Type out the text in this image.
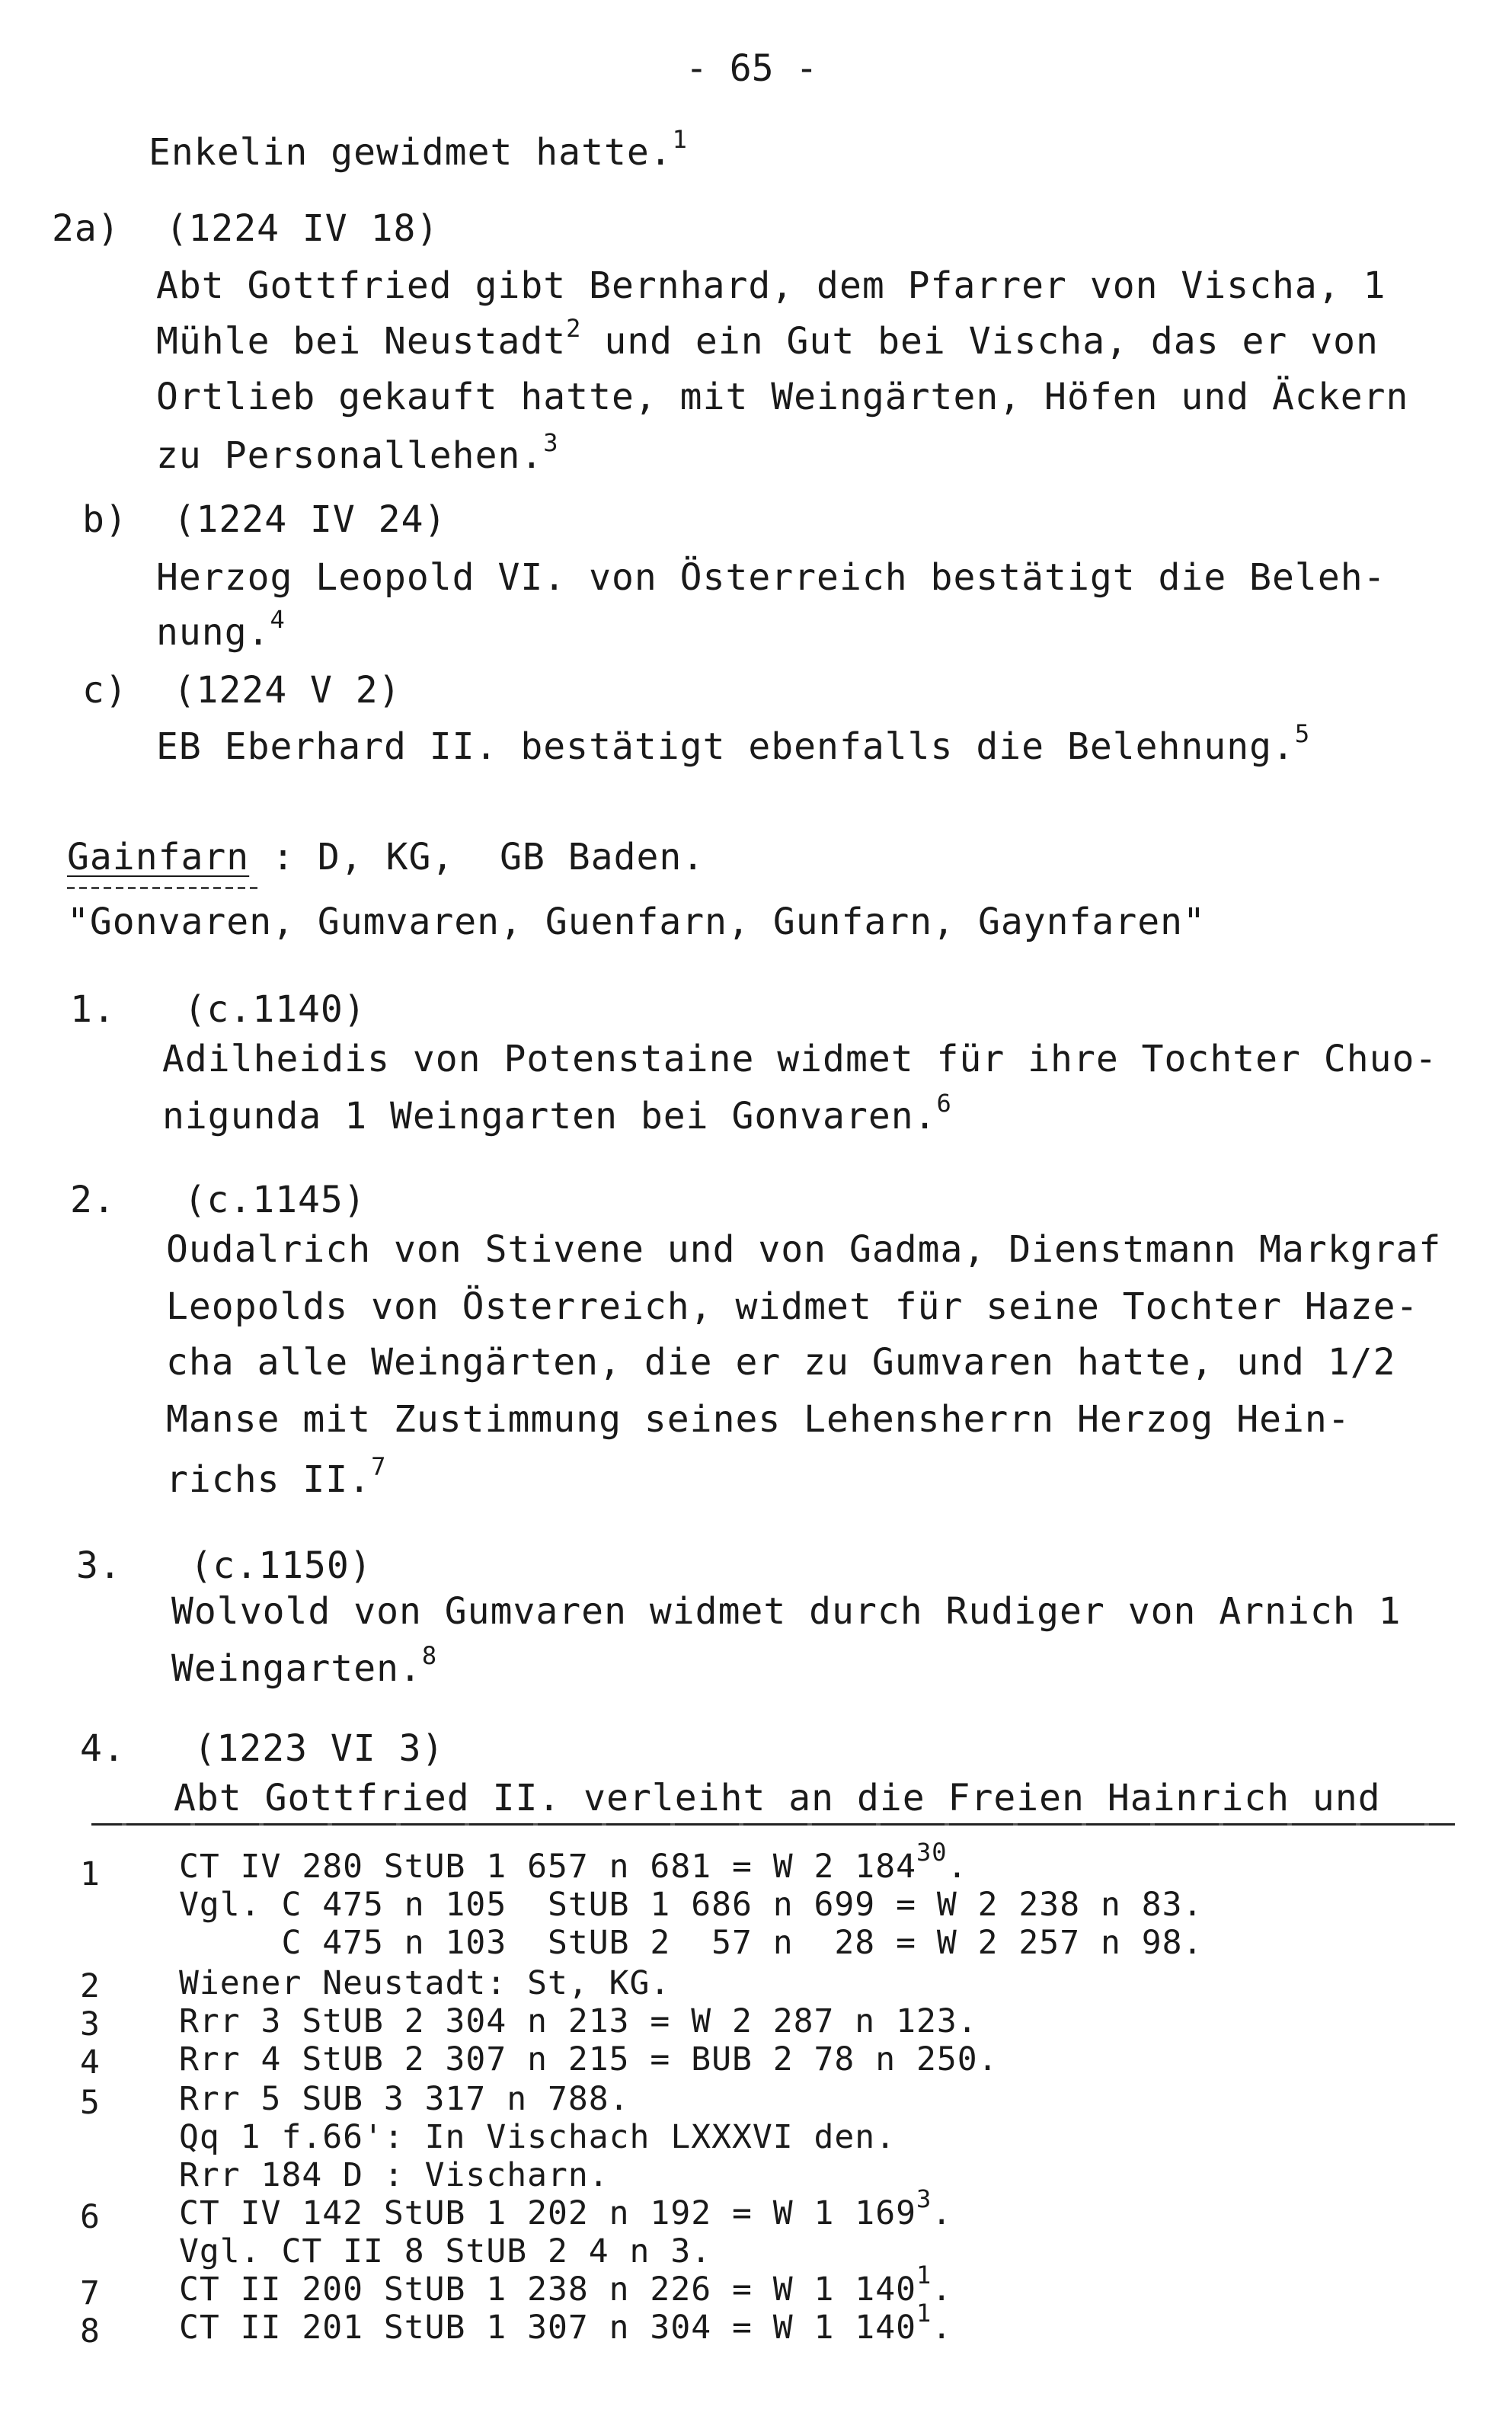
- 65 -
Enkelin gewidmet hatte.$^1$
2a)  (1224 IV 18)
Abt Gottfried gibt Bernhard, dem Pfarrer von Vischa, 1
Mühle bei Neustadt$^2$ und ein Gut bei Vischa, das er von
Ortlieb gekauft hatte, mit Weingärten, Höfen und Äckern
zu Personallehen.$^3$
b)  (1224 IV 24)
Herzog Leopold VI. von Österreich bestätigt die Beleh-
nung.$^4$
c)  (1224 V 2)
EB Eberhard II. bestätigt ebenfalls die Belehnung.$^5$
Gainfarn : D, KG,  GB Baden.
"Gonvaren, Gumvaren, Guenfarn, Gunfarn, Gaynfaren"
1.   (c.1140)
Adilheidis von Potenstaine widmet für ihre Tochter Chuo-
nigunda 1 Weingarten bei Gonvaren.$^6$
2.   (c.1145)
Oudalrich von Stivene und von Gadma, Dienstmann Markgraf
Leopolds von Österreich, widmet für seine Tochter Haze-
cha alle Weingärten, die er zu Gumvaren hatte, und 1/2
Manse mit Zustimmung seines Lehensherrn Herzog Hein-
richs II.$^7$
3.   (c.1150)
Wolvold von Gumvaren widmet durch Rudiger von Arnich 1
Weingarten.$^8$
4.   (1223 VI 3)
Abt Gottfried II. verleiht an die Freien Hainrich und
1 CT IV 280 StUB 1 657 n 681 = W 2 $184^{30}$.
Vgl. C 475 n 105  StUB 1 686 n 699 = W 2 238 n 83.
C 475 n 103  StUB 2  57 n  28 = W 2 257 n 98.
2 Wiener Neustadt: St, KG.
3 Rrr 3 StUB 2 304 n 213 = W 2 287 n 123.
4 Rrr 4 StUB 2 307 n 215 = BUB 2 78 n 250.
5 Rrr 5 SUB 3 317 n 788.
Qq 1 f.66': In Vischach LXXXVI den.
Rrr 184 D : Vischarn.
6 CT IV 142 StUB 1 202 n 192 = W 1 $169^3$.
Vgl. CT II 8 StUB 2 4 n 3.
7 CT II 200 StUB 1 238 n 226 = W 1 $140^1$.
8 CT II 201 StUB 1 307 n 304 = W 1 $140^1$.
